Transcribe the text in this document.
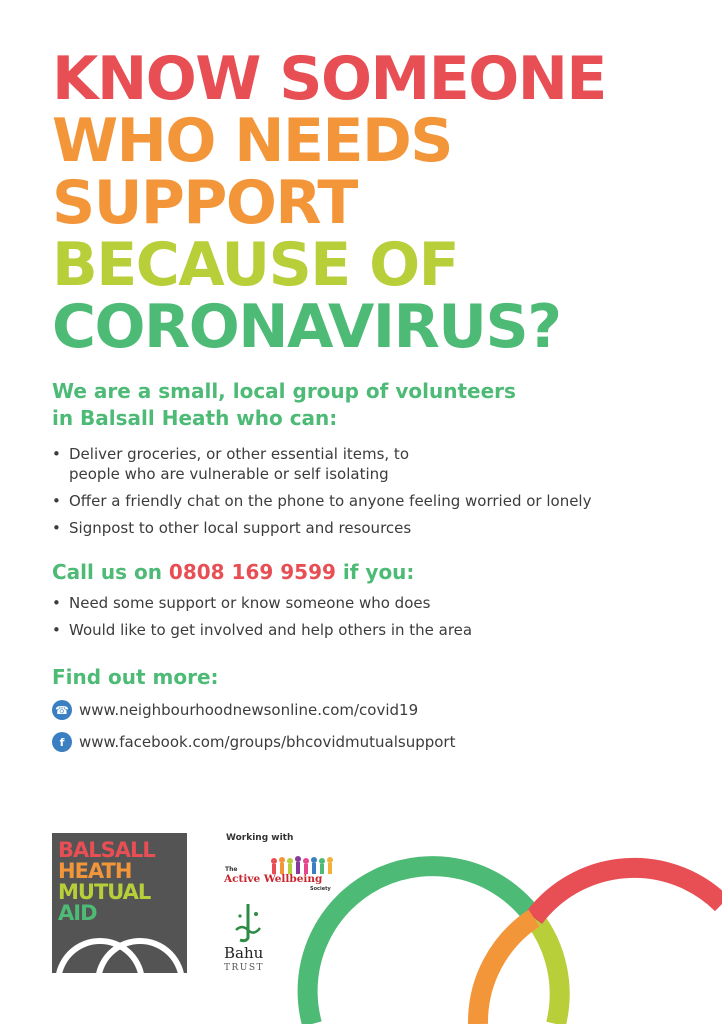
KNOW SOMEONE
WHO NEEDS
SUPPORT
BECAUSE OF
CORONAVIRUS?
We are a small, local group of volunteers
in Balsall Heath who can:
• Deliver groceries, or other essential items, to
people who are vulnerable or self isolating
• Offer a friendly chat on the phone to anyone feeling worried or lonely
• Signpost to other local support and resources
Call us on 0808 169 9599 if you:
• Need some support or know someone who does
• Would like to get involved and help others in the area
Find out more:
☎ www.neighbourhoodnewsonline.com/covid19
f www.facebook.com/groups/bhcovidmutualsupport
BALSALL
HEATH
MUTUAL
AID
Working with
The
Active Wellbeing
Society
Bahu
TRUST
